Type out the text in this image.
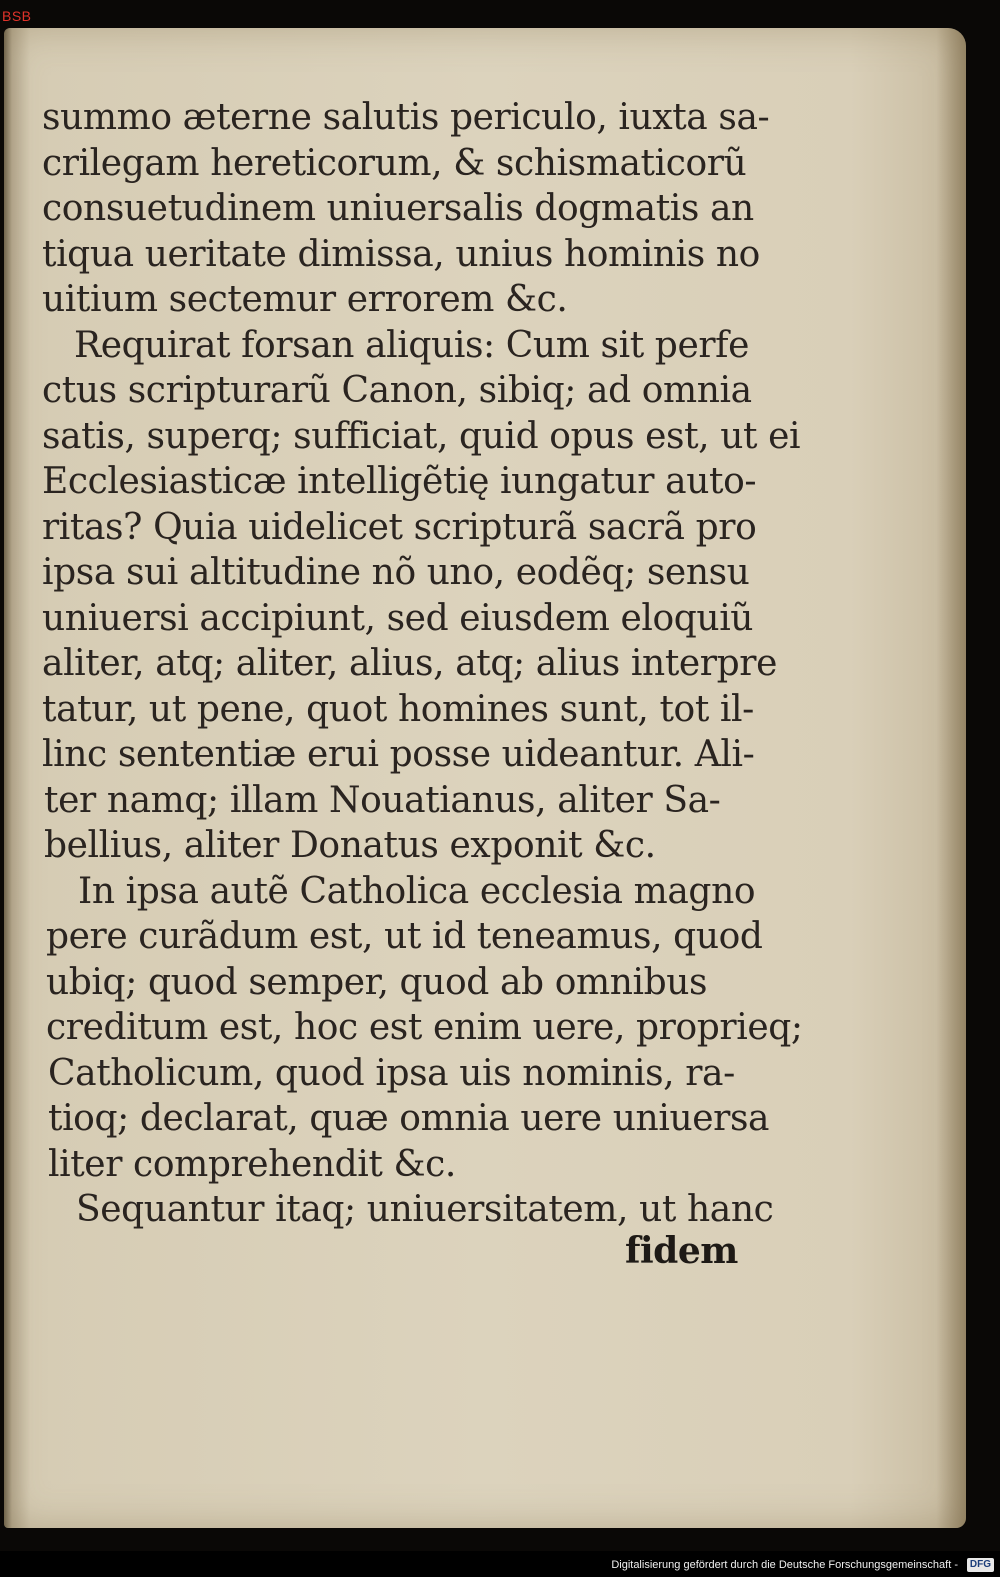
BSB
summo æterne salutis periculo, iuxta sa-
crilegam hereticorum, & schismaticorũ
consuetudinem uniuersalis dogmatis an
tiqua ueritate dimissa, unius hominis no
uitium sectemur errorem &c.
Requirat forsan aliquis: Cum sit perfe
ctus scripturarũ Canon, sibiq; ad omnia
satis, superq; sufficiat, quid opus est, ut ei
Ecclesiasticæ intelligẽtię iungatur auto-
ritas? Quia uidelicet scripturã sacrã pro
ipsa sui altitudine nõ uno, eodẽq; sensu
uniuersi accipiunt, sed eiusdem eloquiũ
aliter, atq; aliter, alius, atq; alius interpre
tatur, ut pene, quot homines sunt, tot il-
linc sententiæ erui posse uideantur. Ali-
ter namq; illam Nouatianus, aliter Sa-
bellius, aliter Donatus exponit &c.
In ipsa autẽ Catholica ecclesia magno
pere curãdum est, ut id teneamus, quod
ubiq; quod semper, quod ab omnibus
creditum est, hoc est enim uere, proprieq;
Catholicum, quod ipsa uis nominis, ra-
tioq; declarat, quæ omnia uere uniuersa
liter comprehendit &c.
Sequantur itaq; uniuersitatem, ut hanc
fidem
Digitalisierung gefördert durch die Deutsche Forschungsgemeinschaft -	DFG
